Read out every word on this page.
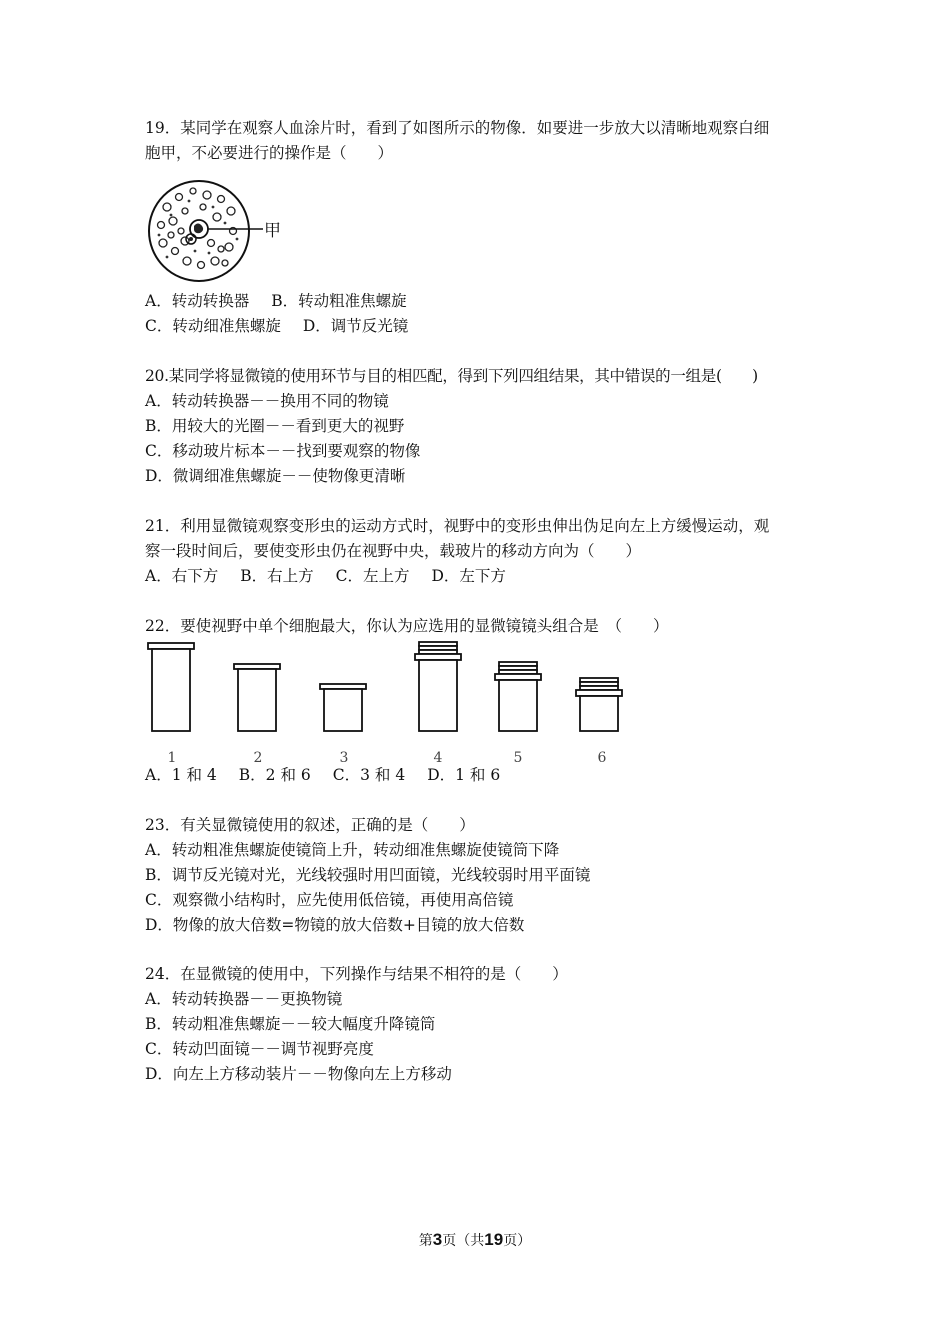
19．某同学在观察人血涂片时，看到了如图所示的物像．如要进一步放大以清晰地观察白细

胞甲，不必要进行的操作是（　　）

甲

A．转动转换器 B．转动粗准焦螺旋

C．转动细准焦螺旋 D．调节反光镜

20.某同学将显微镜的使用环节与目的相匹配，得到下列四组结果，其中错误的一组是(　　)

A．转动转换器－－换用不同的物镜

B．用较大的光圈－－看到更大的视野

C．移动玻片标本－－找到要观察的物像

D．微调细准焦螺旋－－使物像更清晰

21．利用显微镜观察变形虫的运动方式时，视野中的变形虫伸出伪足向左上方缓慢运动，观

察一段时间后，要使变形虫仍在视野中央，载玻片的移动方向为（　　）

A．右下方 B．右上方 C．左上方 D．左下方

22．要使视野中单个细胞最大，你认为应选用的显微镜镜头组合是　（　　）

1	2	3	4	5	6

A．1 和 4 B．2 和 6 C．3 和 4 D．1 和 6

23．有关显微镜使用的叙述，正确的是（　　）

A．转动粗准焦螺旋使镜筒上升，转动细准焦螺旋使镜筒下降

B．调节反光镜对光，光线较强时用凹面镜，光线较弱时用平面镜

C．观察微小结构时，应先使用低倍镜，再使用高倍镜

D．物像的放大倍数=物镜的放大倍数+目镜的放大倍数

24．在显微镜的使用中，下列操作与结果不相符的是（　　）

A．转动转换器－－更换物镜

B．转动粗准焦螺旋－－较大幅度升降镜筒

C．转动凹面镜－－调节视野亮度

D．向左上方移动装片－－物像向左上方移动

第3页（共19页）
